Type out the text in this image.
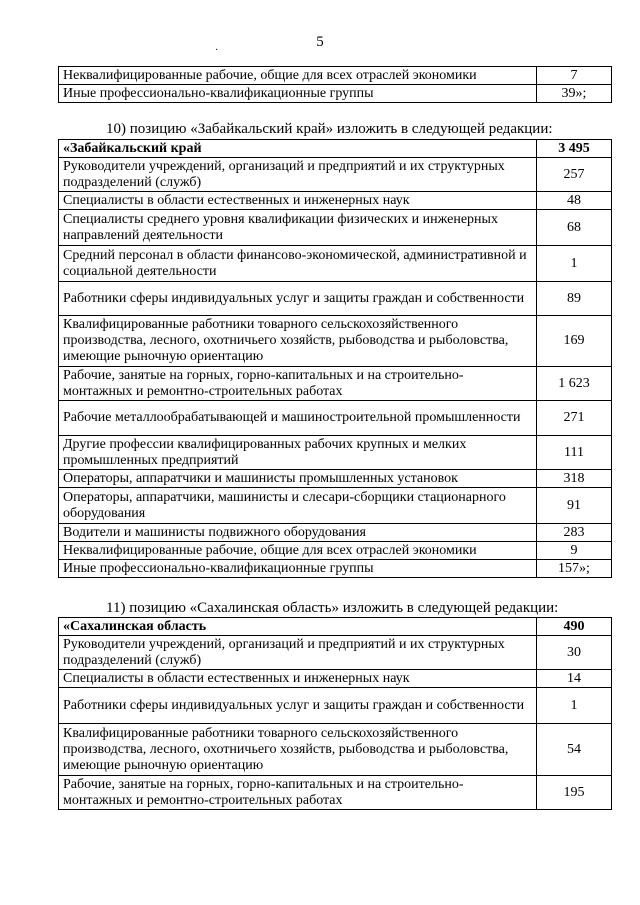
5
·
Неквалифицированные рабочие, общие для всех отраслей экономики	7
Иные профессионально-квалификационные группы	39»;
10) позицию «Забайкальский край» изложить в следующей редакции:
«Забайкальский край	3 495
Руководители учреждений, организаций и предприятий и их структурных подразделений (служб)	257
Специалисты в области естественных и инженерных наук	48
Специалисты среднего уровня квалификации физических и инженерных направлений деятельности	68
Средний персонал в области финансово-экономической, административной и социальной деятельности	1
Работники сферы индивидуальных услуг и защиты граждан и собственности	89
Квалифицированные работники товарного сельскохозяйственного производства, лесного, охотничьего хозяйств, рыбоводства и рыболовства, имеющие рыночную ориентацию	169
Рабочие, занятые на горных, горно-капитальных и на строительно-монтажных и ремонтно-строительных работах	1 623
Рабочие металлообрабатывающей и машиностроительной промышленности	271
Другие профессии квалифицированных рабочих крупных и мелких промышленных предприятий	111
Операторы, аппаратчики и машинисты промышленных установок	318
Операторы, аппаратчики, машинисты и слесари-сборщики стационарного оборудования	91
Водители и машинисты подвижного оборудования	283
Неквалифицированные рабочие, общие для всех отраслей экономики	9
Иные профессионально-квалификационные группы	157»;
11) позицию «Сахалинская область» изложить в следующей редакции:
«Сахалинская область	490
Руководители учреждений, организаций и предприятий и их структурных подразделений (служб)	30
Специалисты в области естественных и инженерных наук	14
Работники сферы индивидуальных услуг и защиты граждан и собственности	1
Квалифицированные работники товарного сельскохозяйственного производства, лесного, охотничьего хозяйств, рыбоводства и рыболовства, имеющие рыночную ориентацию	54
Рабочие, занятые на горных, горно-капитальных и на строительно-монтажных и ремонтно-строительных работах	195
